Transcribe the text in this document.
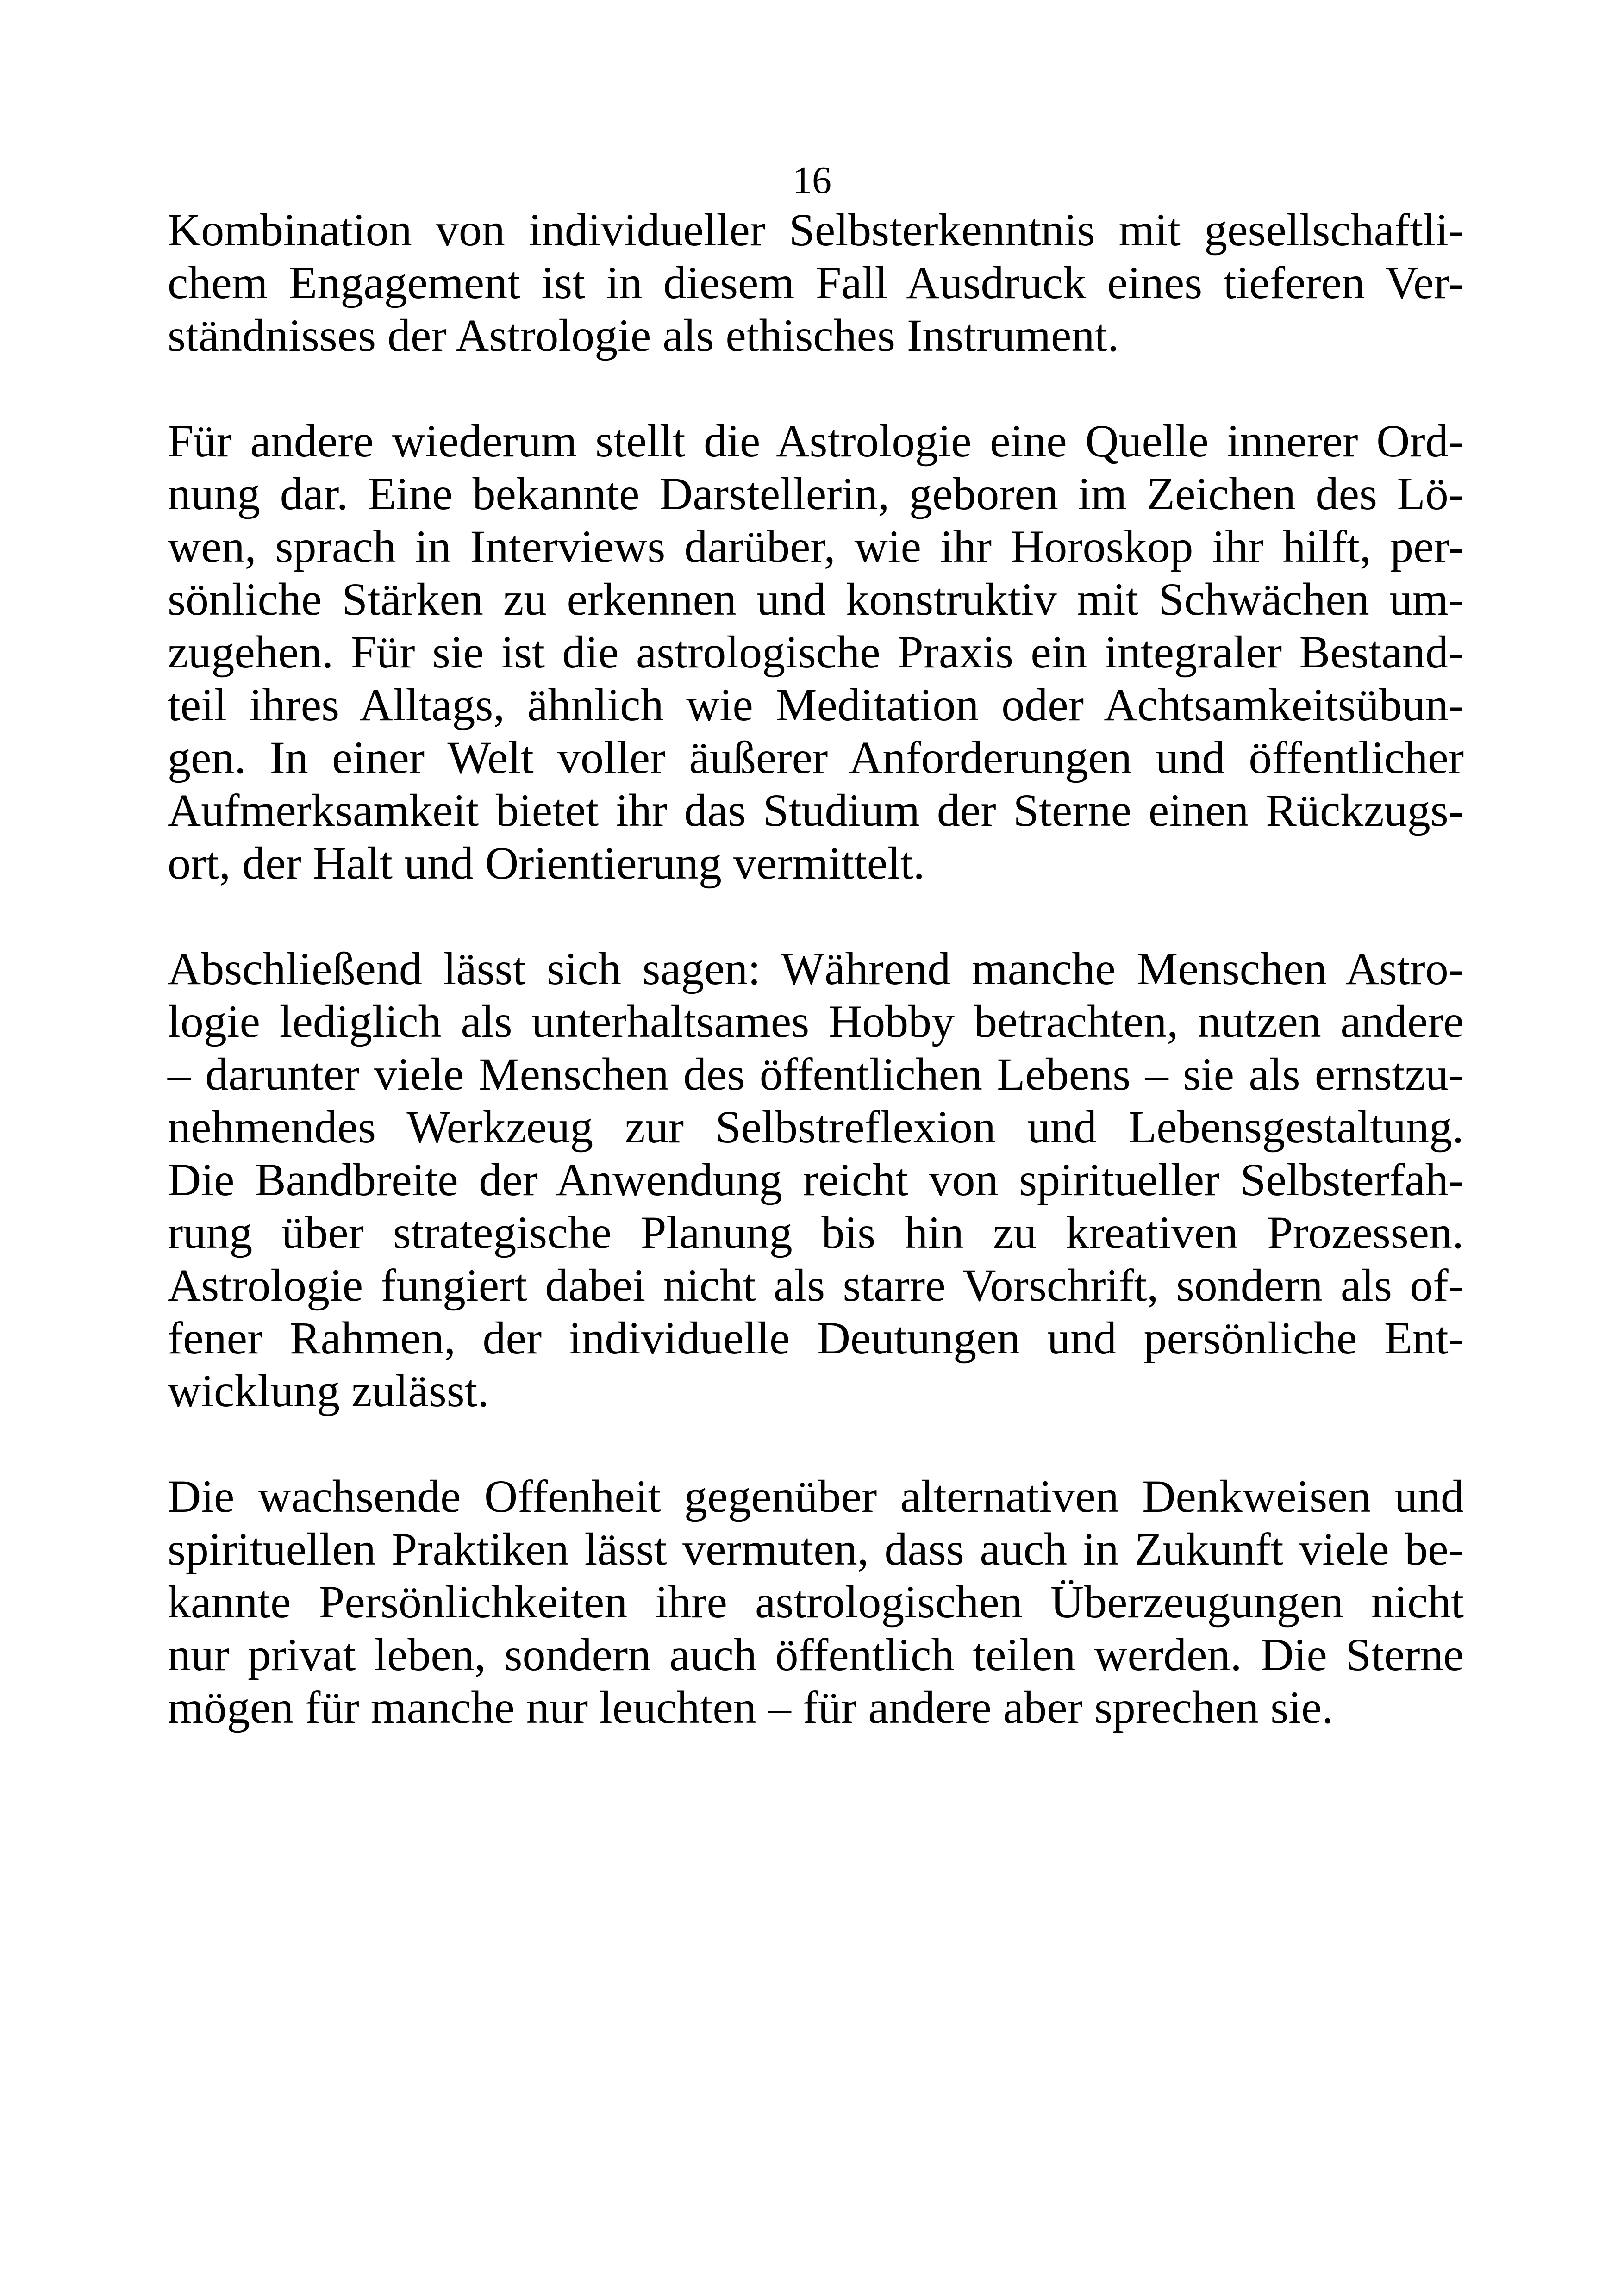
16
Kombination von individueller Selbsterkenntnis mit gesellschaftli-
chem Engagement ist in diesem Fall Ausdruck eines tieferen Ver-
ständnisses der Astrologie als ethisches Instrument.
Für andere wiederum stellt die Astrologie eine Quelle innerer Ord-
nung dar. Eine bekannte Darstellerin, geboren im Zeichen des Lö-
wen, sprach in Interviews darüber, wie ihr Horoskop ihr hilft, per-
sönliche Stärken zu erkennen und konstruktiv mit Schwächen um-
zugehen. Für sie ist die astrologische Praxis ein integraler Bestand-
teil ihres Alltags, ähnlich wie Meditation oder Achtsamkeitsübun-
gen. In einer Welt voller äußerer Anforderungen und öffentlicher
Aufmerksamkeit bietet ihr das Studium der Sterne einen Rückzugs-
ort, der Halt und Orientierung vermittelt.
Abschließend lässt sich sagen: Während manche Menschen Astro-
logie lediglich als unterhaltsames Hobby betrachten, nutzen andere
– darunter viele Menschen des öffentlichen Lebens – sie als ernstzu-
nehmendes Werkzeug zur Selbstreflexion und Lebensgestaltung.
Die Bandbreite der Anwendung reicht von spiritueller Selbsterfah-
rung über strategische Planung bis hin zu kreativen Prozessen.
Astrologie fungiert dabei nicht als starre Vorschrift, sondern als of-
fener Rahmen, der individuelle Deutungen und persönliche Ent-
wicklung zulässt.
Die wachsende Offenheit gegenüber alternativen Denkweisen und
spirituellen Praktiken lässt vermuten, dass auch in Zukunft viele be-
kannte Persönlichkeiten ihre astrologischen Überzeugungen nicht
nur privat leben, sondern auch öffentlich teilen werden. Die Sterne
mögen für manche nur leuchten – für andere aber sprechen sie.
